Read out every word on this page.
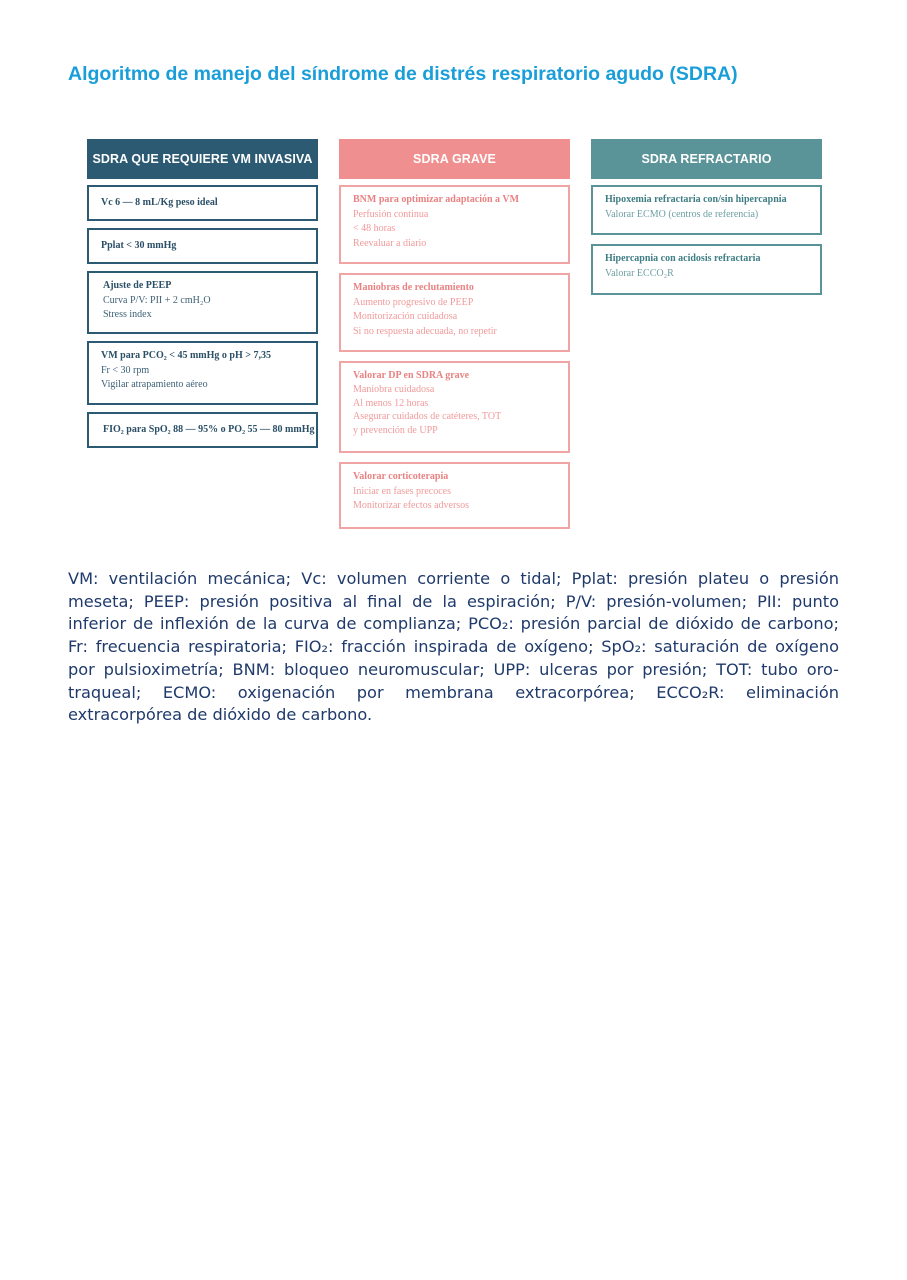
Algoritmo de manejo del síndrome de distrés respiratorio agudo (SDRA)
SDRA QUE REQUIERE VM INVASIVA
Vc 6 — 8 mL/Kg peso ideal
Pplat < 30 mmHg
Ajuste de PEEP
Curva P/V: PII + 2 cmH₂O
Stress index
VM para PCO₂ < 45 mmHg o pH > 7,35
Fr < 30 rpm
Vigilar atrapamiento aéreo
FIO₂ para SpO₂ 88 — 95% o PO₂ 55 — 80 mmHg
SDRA GRAVE
BNM para optimizar adaptación a VM
Perfusión continua
< 48 horas
Reevaluar a diario
Maniobras de reclutamiento
Aumento progresivo de PEEP
Monitorización cuidadosa
Si no respuesta adecuada, no repetir
Valorar DP en SDRA grave
Maniobra cuidadosa
Al menos 12 horas
Asegurar cuidados de catéteres, TOT
y prevención de UPP
Valorar corticoterapia
Iniciar en fases precoces
Monitorizar efectos adversos
SDRA REFRACTARIO
Hipoxemia refractaria con/sin hipercapnia
Valorar ECMO (centros de referencia)
Hipercapnia con acidosis refractaria
Valorar ECCO₂R

VM: ventilación mecánica; Vc: volumen corriente o tidal; Pplat: presión plateu o presión meseta; PEEP: presión positiva al final de la espiración; P/V: presión-volumen; PII: punto inferior de inflexión de la curva de complianza; PCO₂: presión parcial de dióxido de carbono; Fr: frecuencia respiratoria; FIO₂: fracción inspirada de oxígeno; SpO₂: saturación de oxígeno por pulsioximetría; BNM: bloqueo neuromuscular; UPP: ulceras por presión; TOT: tubo oro-traqueal; ECMO: oxigenación por membrana extracorpórea; ECCO₂R: eliminación extracorpórea de dióxido de carbono.
